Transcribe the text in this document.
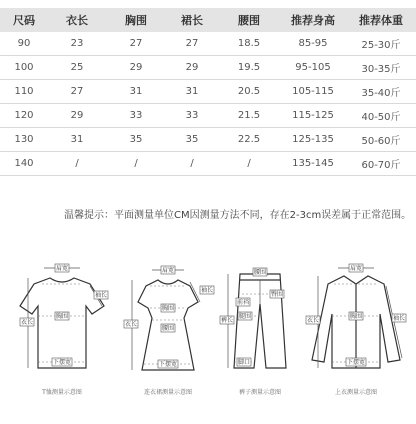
尺码	衣长	胸围	裙长	腰围	推荐身高	推荐体重
90	23	27	27	18.5	85-95	25-30斤
100	25	29	29	19.5	95-105	30-35斤
110	27	31	31	20.5	105-115	35-40斤
120	29	33	33	21.5	115-125	40-50斤
130	31	35	35	22.5	125-135	50-60斤
140	/	/	/	/	135-145	60-70斤
温馨提示：平面测量单位CM因测量方法不同，存在2-3cm误差属于正常范围。
肩宽
袖长
衣长
胸围
下摆宽
T恤测量示意图
肩宽
袖长
衣长
胸围
腰围
下摆宽
连衣裙测量示意图
腰围
臀围
裤长
前裆
腿围
脚口
裤子测量示意图
肩宽
袖长
衣长
胸围
下摆宽
上衣测量示意图
